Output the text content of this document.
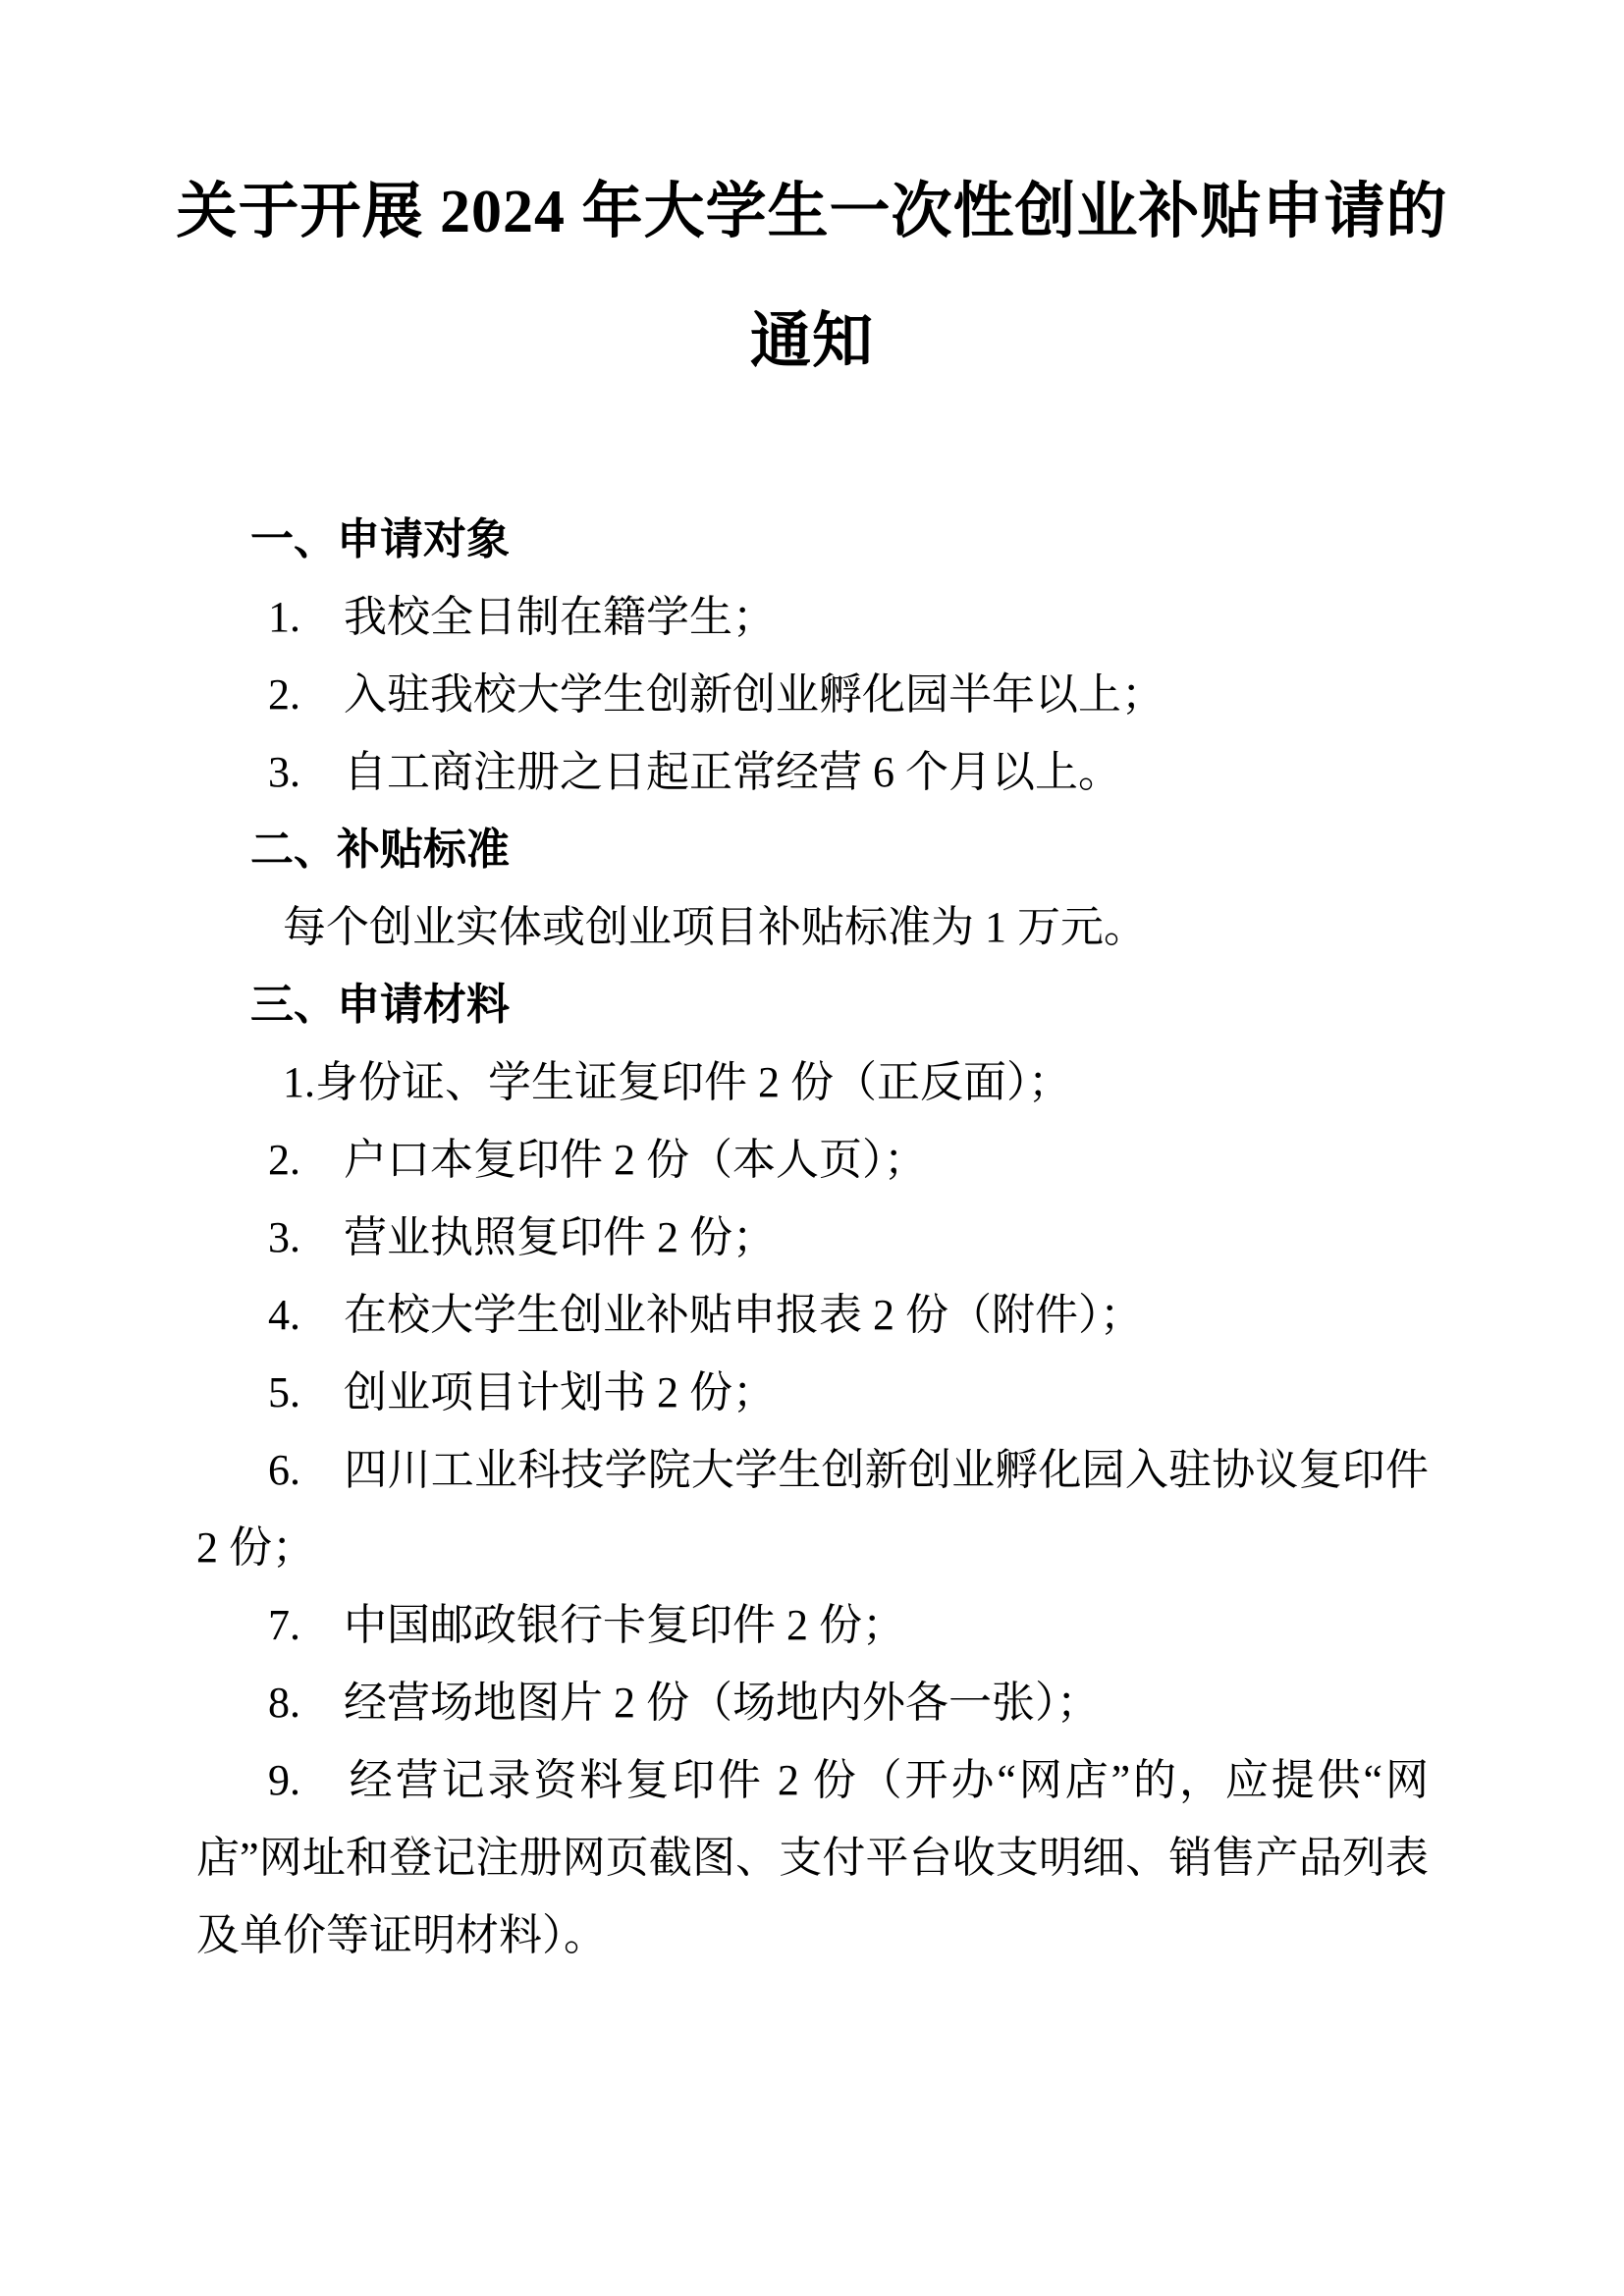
关于开展 2024 年大学生一次性创业补贴申请的

通知

一、申请对象

1.　我校全日制在籍学生；

2.　入驻我校大学生创新创业孵化园半年以上；

3.　自工商注册之日起正常经营 6 个月以上。

二、补贴标准

每个创业实体或创业项目补贴标准为 1 万元。

三、申请材料

1.身份证、学生证复印件 2 份（正反面）；

2.　户口本复印件 2 份（本人页）；

3.　营业执照复印件 2 份；

4.　在校大学生创业补贴申报表 2 份（附件）；

5.　创业项目计划书 2 份；

6.　四川工业科技学院大学生创新创业孵化园入驻协议复印件 2 份；

7.　中国邮政银行卡复印件 2 份；

8.　经营场地图片 2 份（场地内外各一张）；

9.　经营记录资料复印件 2 份（开办“网店”的，应提供“网店”网址和登记注册网页截图、支付平台收支明细、销售产品列表及单价等证明材料）。
